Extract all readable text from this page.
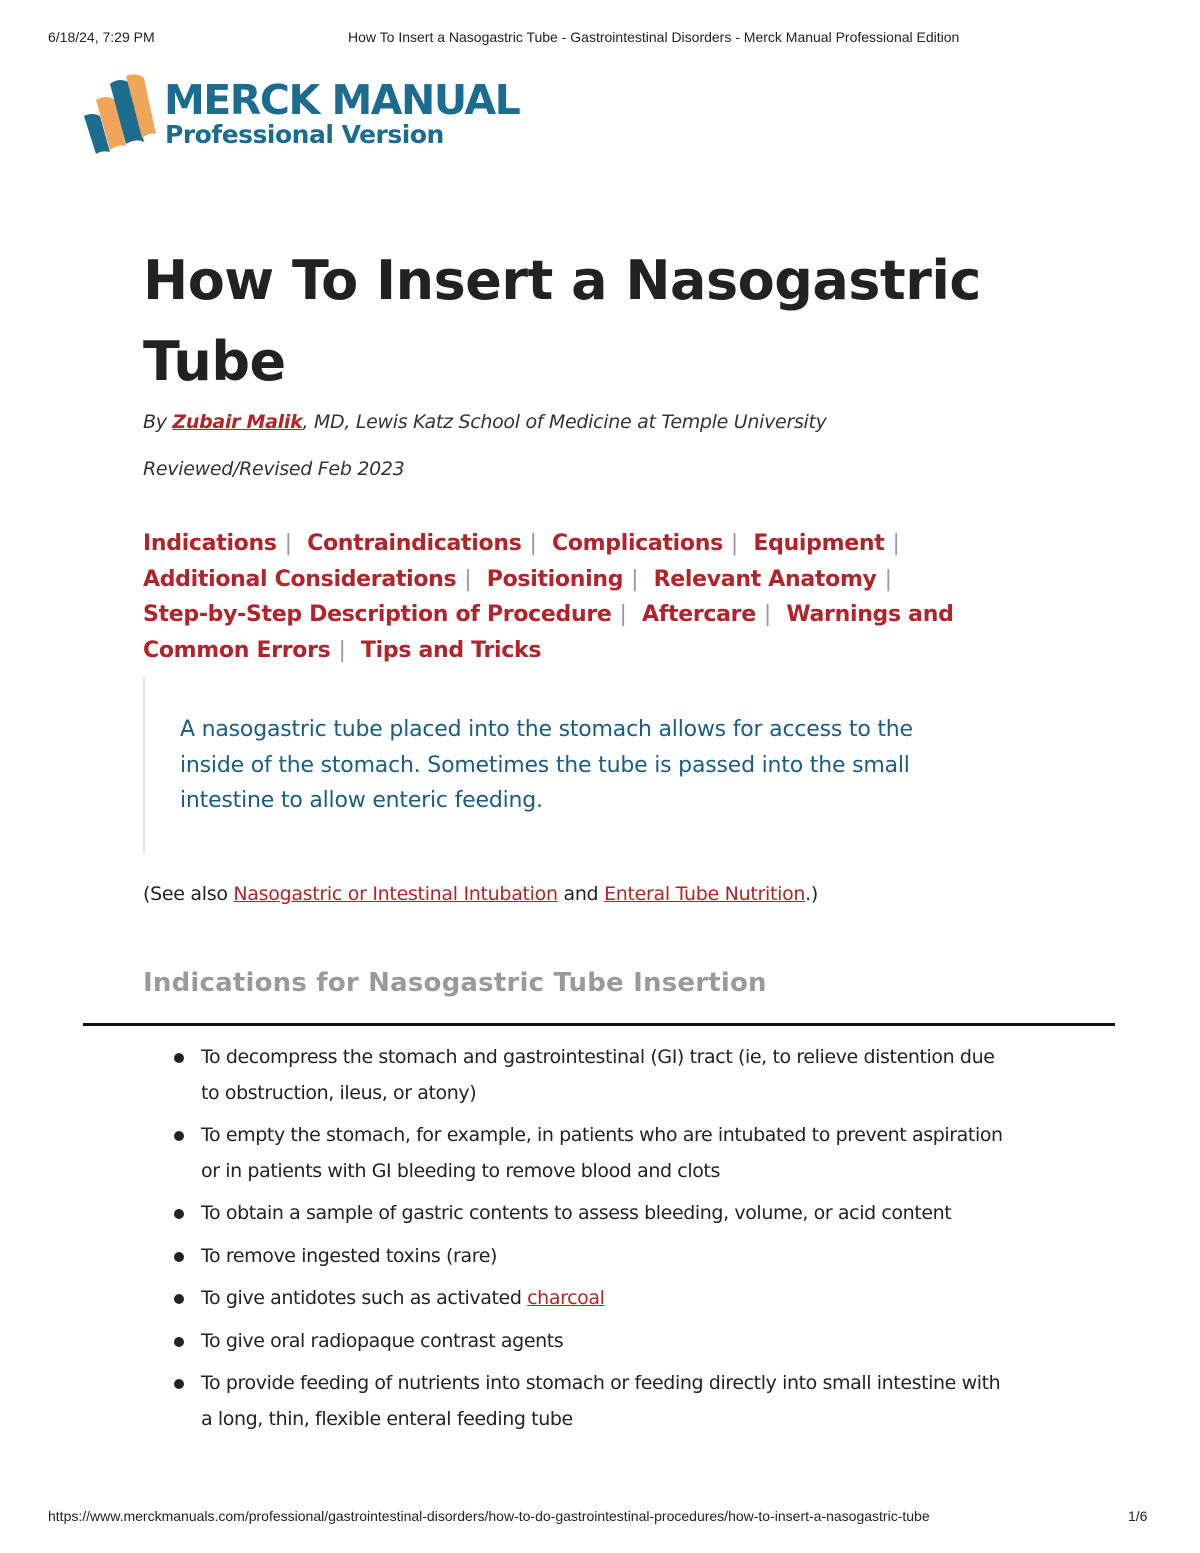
6/18/24, 7:29 PM	How To Insert a Nasogastric Tube - Gastrointestinal Disorders - Merck Manual Professional Edition
MERCK MANUAL
Professional Version
How To Insert a Nasogastric Tube
By Zubair Malik, MD, Lewis Katz School of Medicine at Temple University
Reviewed/Revised Feb 2023
Indications | Contraindications | Complications | Equipment | Additional Considerations | Positioning | Relevant Anatomy | Step-by-Step Description of Procedure | Aftercare | Warnings and Common Errors | Tips and Tricks

A nasogastric tube placed into the stomach allows for access to the inside of the stomach. Sometimes the tube is passed into the small intestine to allow enteric feeding.

(See also Nasogastric or Intestinal Intubation and Enteral Tube Nutrition.)
Indications for Nasogastric Tube Insertion
To decompress the stomach and gastrointestinal (GI) tract (ie, to relieve distention due to obstruction, ileus, or atony)
To empty the stomach, for example, in patients who are intubated to prevent aspiration or in patients with GI bleeding to remove blood and clots
To obtain a sample of gastric contents to assess bleeding, volume, or acid content
To remove ingested toxins (rare)
To give antidotes such as activated charcoal
To give oral radiopaque contrast agents
To provide feeding of nutrients into stomach or feeding directly into small intestine with a long, thin, flexible enteral feeding tube
https://www.merckmanuals.com/professional/gastrointestinal-disorders/how-to-do-gastrointestinal-procedures/how-to-insert-a-nasogastric-tube	1/6
